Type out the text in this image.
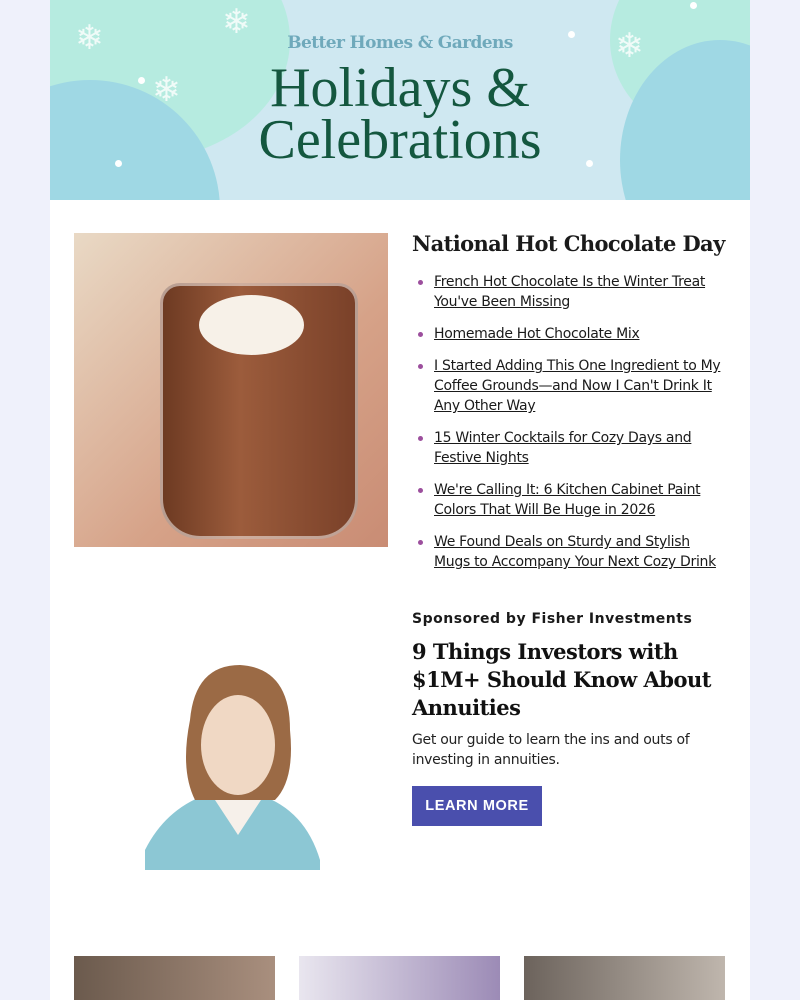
❄	❄
❄
❄
Better Homes & Gardens
Holidays &
Celebrations
National Hot Chocolate Day
French Hot Chocolate Is the Winter Treat You've Been Missing
Homemade Hot Chocolate Mix
I Started Adding This One Ingredient to My Coffee Grounds—and Now I Can't Drink It Any Other Way
15 Winter Cocktails for Cozy Days and Festive Nights
We're Calling It: 6 Kitchen Cabinet Paint Colors That Will Be Huge in 2026
We Found Deals on Sturdy and Stylish Mugs to Accompany Your Next Cozy Drink
Sponsored by Fisher Investments
9 Things Investors with $1M+ Should Know About Annuities
Get our guide to learn the ins and outs of investing in annuities.
LEARN MORE
